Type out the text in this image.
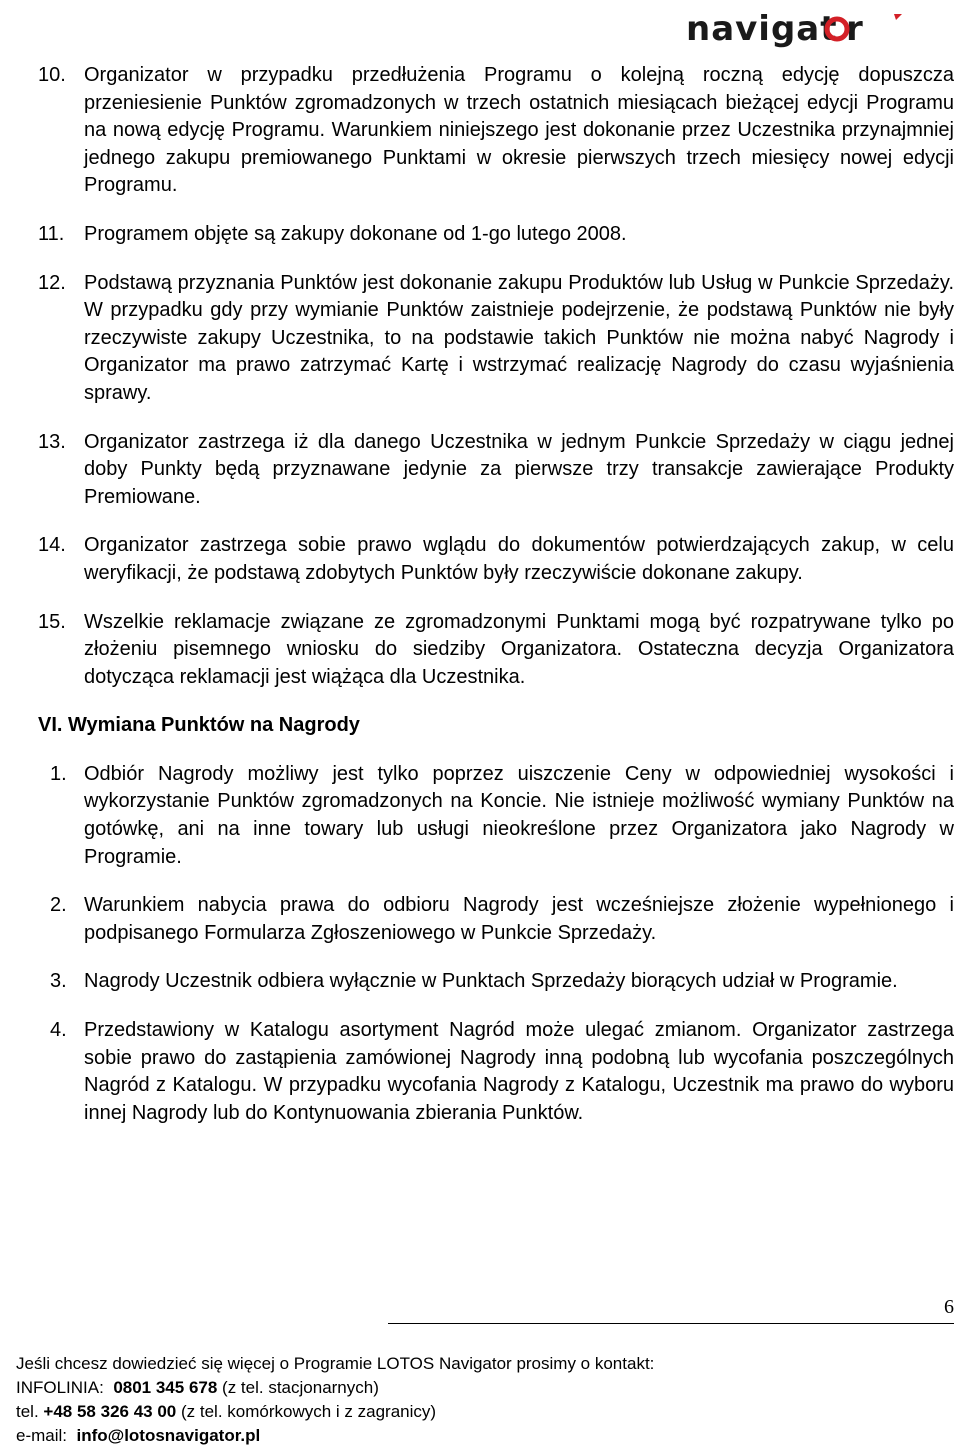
navigat r
10. Organizator w przypadku przedłużenia Programu o kolejną roczną edycję dopuszcza przeniesienie Punktów zgromadzonych w trzech ostatnich miesiącach bieżącej edycji Programu na nową edycję Programu. Warunkiem niniejszego jest dokonanie przez Uczestnika przynajmniej jednego zakupu premiowanego Punktami w okresie pierwszych trzech miesięcy nowej edycji Programu.
11. Programem objęte są zakupy dokonane od 1-go lutego 2008.
12. Podstawą przyznania Punktów jest dokonanie zakupu Produktów lub Usług w Punkcie Sprzedaży. W przypadku gdy przy wymianie Punktów zaistnieje podejrzenie, że podstawą Punktów nie były rzeczywiste zakupy Uczestnika, to na podstawie takich Punktów nie można nabyć Nagrody i Organizator ma prawo zatrzymać Kartę i wstrzymać realizację Nagrody do czasu wyjaśnienia sprawy.
13. Organizator zastrzega iż dla danego Uczestnika w jednym Punkcie Sprzedaży w ciągu jednej doby Punkty będą przyznawane jedynie za pierwsze trzy transakcje zawierające Produkty Premiowane.
14. Organizator zastrzega sobie prawo wglądu do dokumentów potwierdzających zakup, w celu weryfikacji, że podstawą zdobytych Punktów były rzeczywiście dokonane zakupy.
15. Wszelkie reklamacje związane ze zgromadzonymi Punktami mogą być rozpatrywane tylko po złożeniu pisemnego wniosku do siedziby Organizatora. Ostateczna decyzja Organizatora dotycząca reklamacji jest wiążąca dla Uczestnika.
VI. Wymiana Punktów na Nagrody
1. Odbiór Nagrody możliwy jest tylko poprzez uiszczenie Ceny w odpowiedniej wysokości i wykorzystanie Punktów zgromadzonych na Koncie. Nie istnieje możliwość wymiany Punktów na gotówkę, ani na inne towary lub usługi nieokreślone przez Organizatora jako Nagrody w Programie.
2. Warunkiem nabycia prawa do odbioru Nagrody jest wcześniejsze złożenie wypełnionego i podpisanego Formularza Zgłoszeniowego w Punkcie Sprzedaży.
3. Nagrody Uczestnik odbiera wyłącznie w Punktach Sprzedaży biorących udział w Programie.
4. Przedstawiony w Katalogu asortyment Nagród może ulegać zmianom. Organizator zastrzega sobie prawo do zastąpienia zamówionej Nagrody inną podobną lub wycofania poszczególnych Nagród z Katalogu. W przypadku wycofania Nagrody z Katalogu, Uczestnik ma prawo do wyboru innej Nagrody lub do Kontynuowania zbierania Punktów.
6
Jeśli chcesz dowiedzieć się więcej o Programie LOTOS Navigator prosimy o kontakt:
INFOLINIA: 0801 345 678 (z tel. stacjonarnych)
tel. +48 58 326 43 00 (z tel. komórkowych i z zagranicy)
e-mail: info@lotosnavigator.pl
